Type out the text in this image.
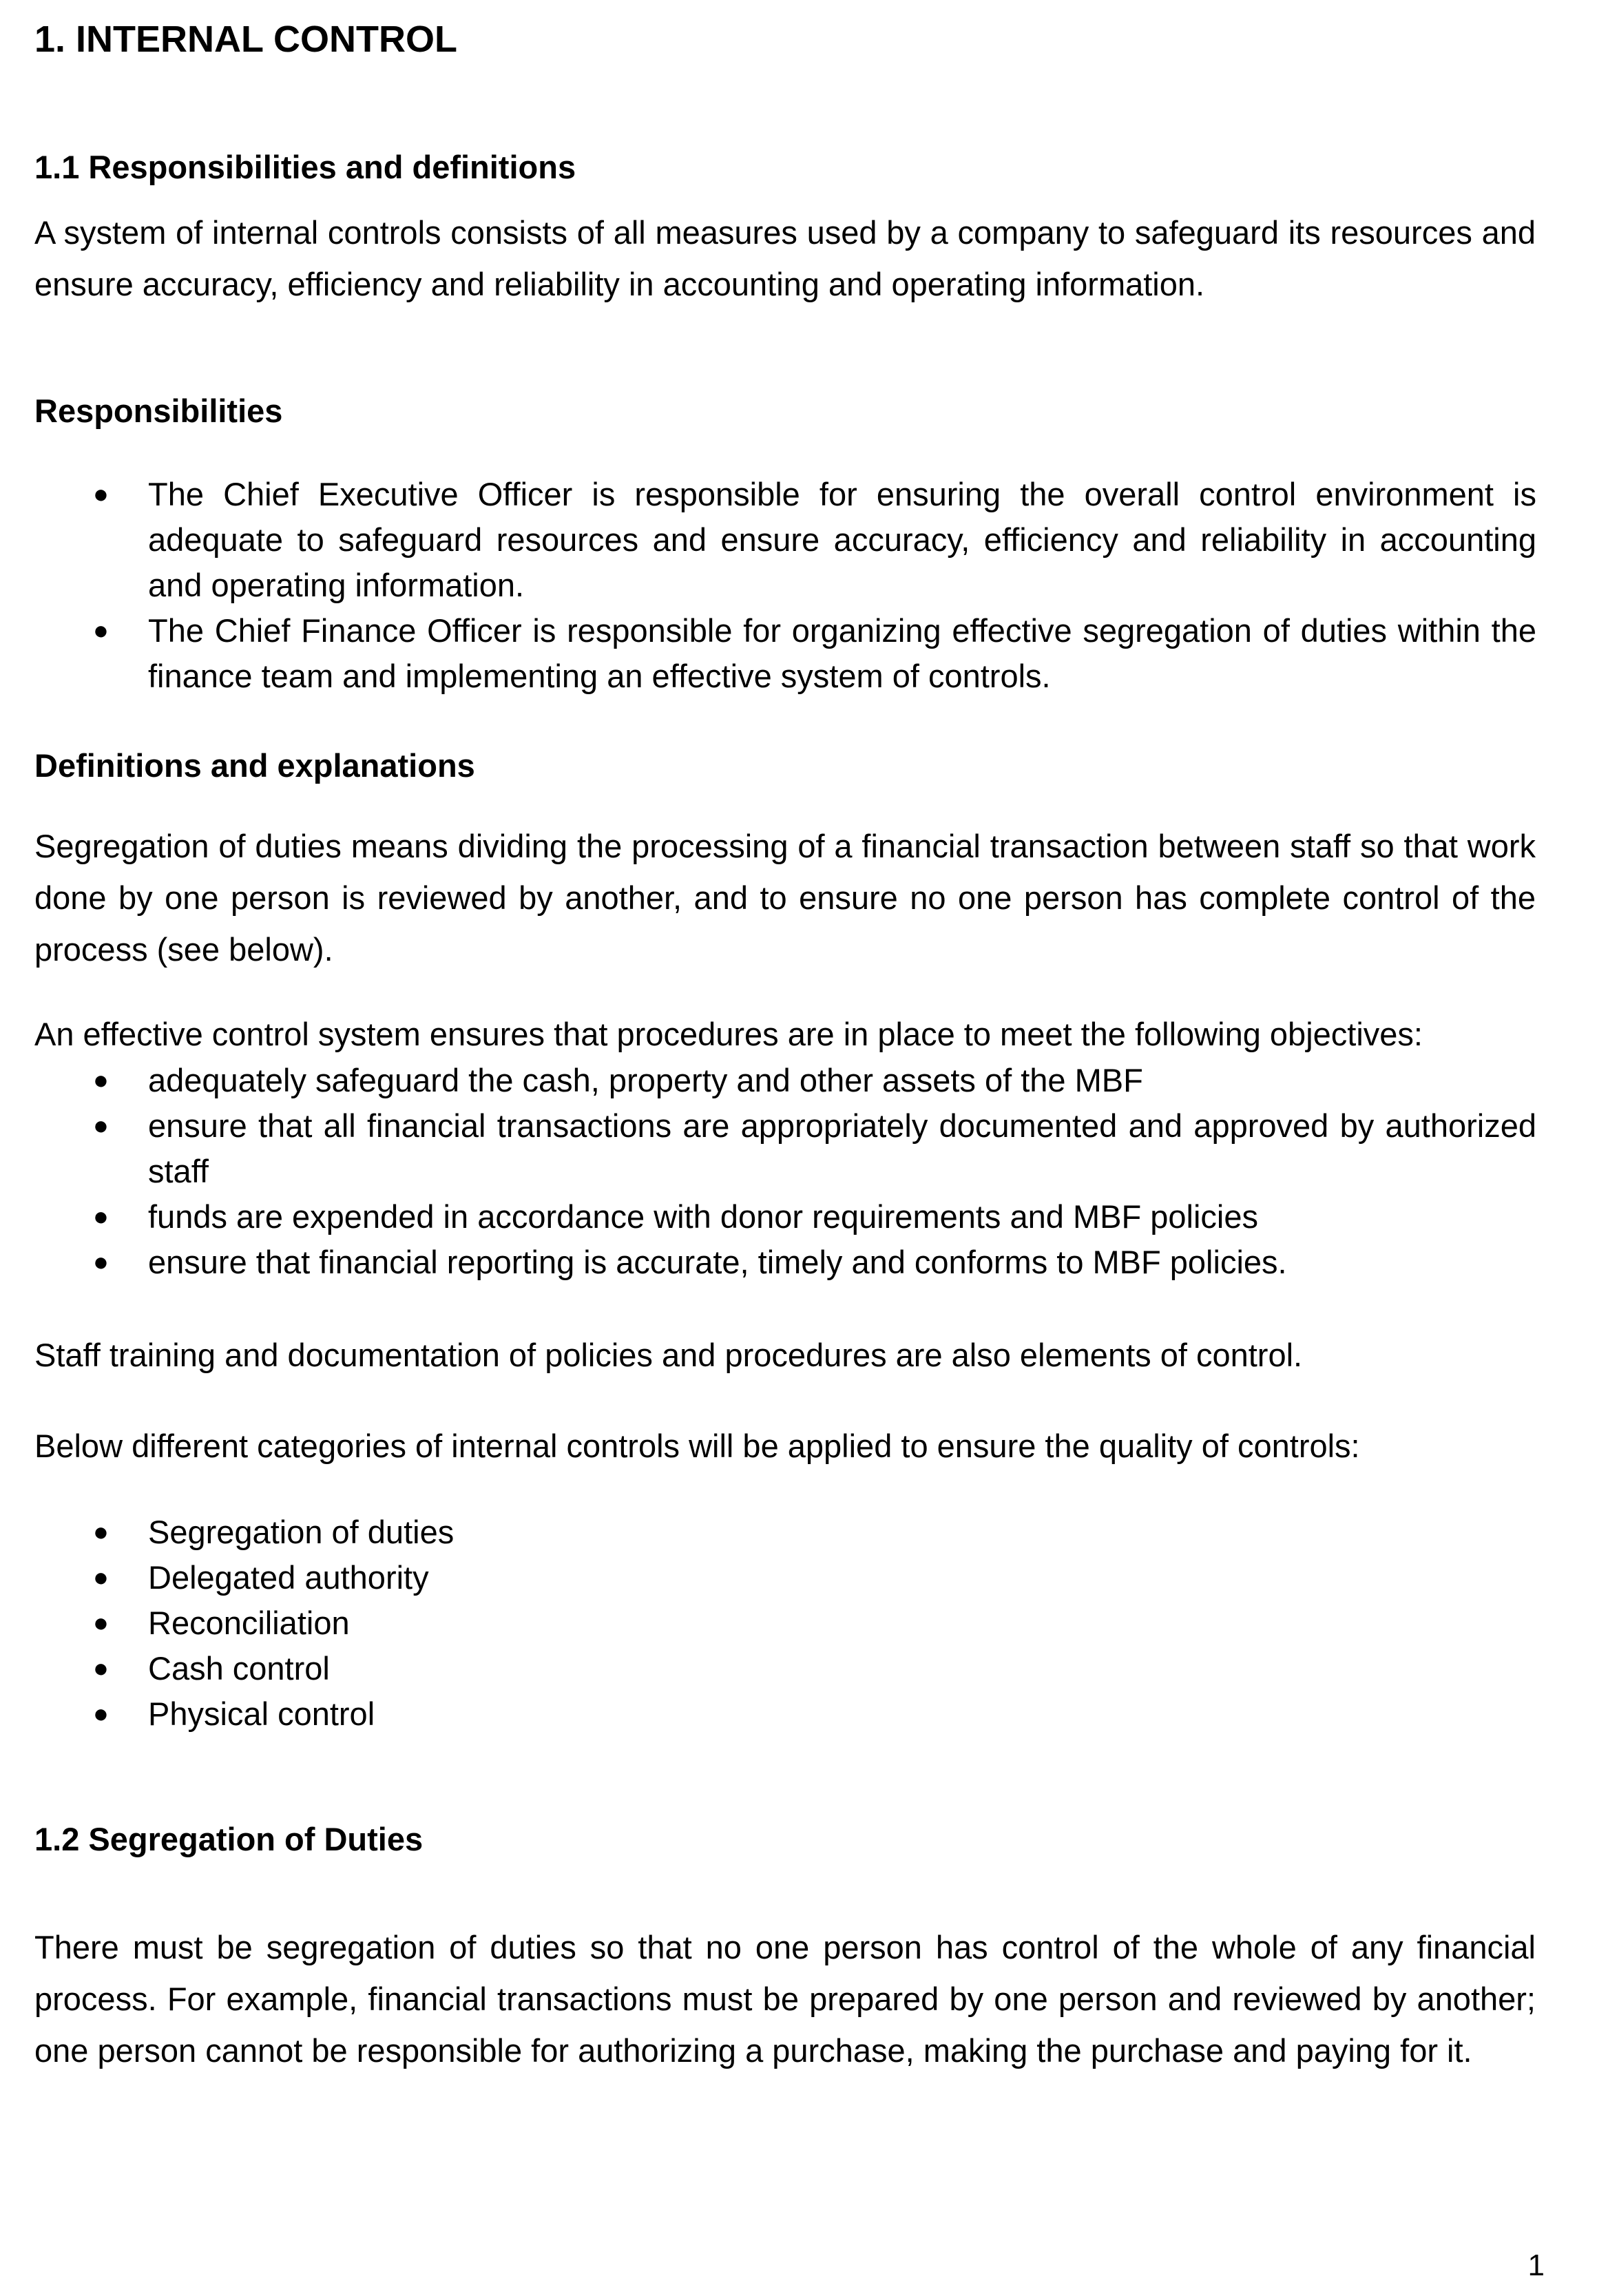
1. INTERNAL CONTROL
1.1 Responsibilities and definitions

A system of internal controls consists of all measures used by a company to safeguard its resources and ensure accuracy, efficiency and reliability in accounting and operating information.

Responsibilities
● The Chief Executive Officer is responsible for ensuring the overall control environment is adequate to safeguard resources and ensure accuracy, efficiency and reliability in accounting and operating information.
● The Chief Finance Officer is responsible for organizing effective segregation of duties within the finance team and implementing an effective system of controls.
Definitions and explanations

Segregation of duties means dividing the processing of a financial transaction between staff so that work done by one person is reviewed by another, and to ensure no one person has complete control of the process (see below).

An effective control system ensures that procedures are in place to meet the following objectives:

● adequately safeguard the cash, property and other assets of the MBF
● ensure that all financial transactions are appropriately documented and approved by authorized staff
● funds are expended in accordance with donor requirements and MBF policies
● ensure that financial reporting is accurate, timely and conforms to MBF policies.

Staff training and documentation of policies and procedures are also elements of control.

Below different categories of internal controls will be applied to ensure the quality of controls:

● Segregation of duties
● Delegated authority
● Reconciliation
● Cash control
● Physical control
1.2 Segregation of Duties

There must be segregation of duties so that no one person has control of the whole of any financial process. For example, financial transactions must be prepared by one person and reviewed by another; one person cannot be responsible for authorizing a purchase, making the purchase and paying for it.

1
